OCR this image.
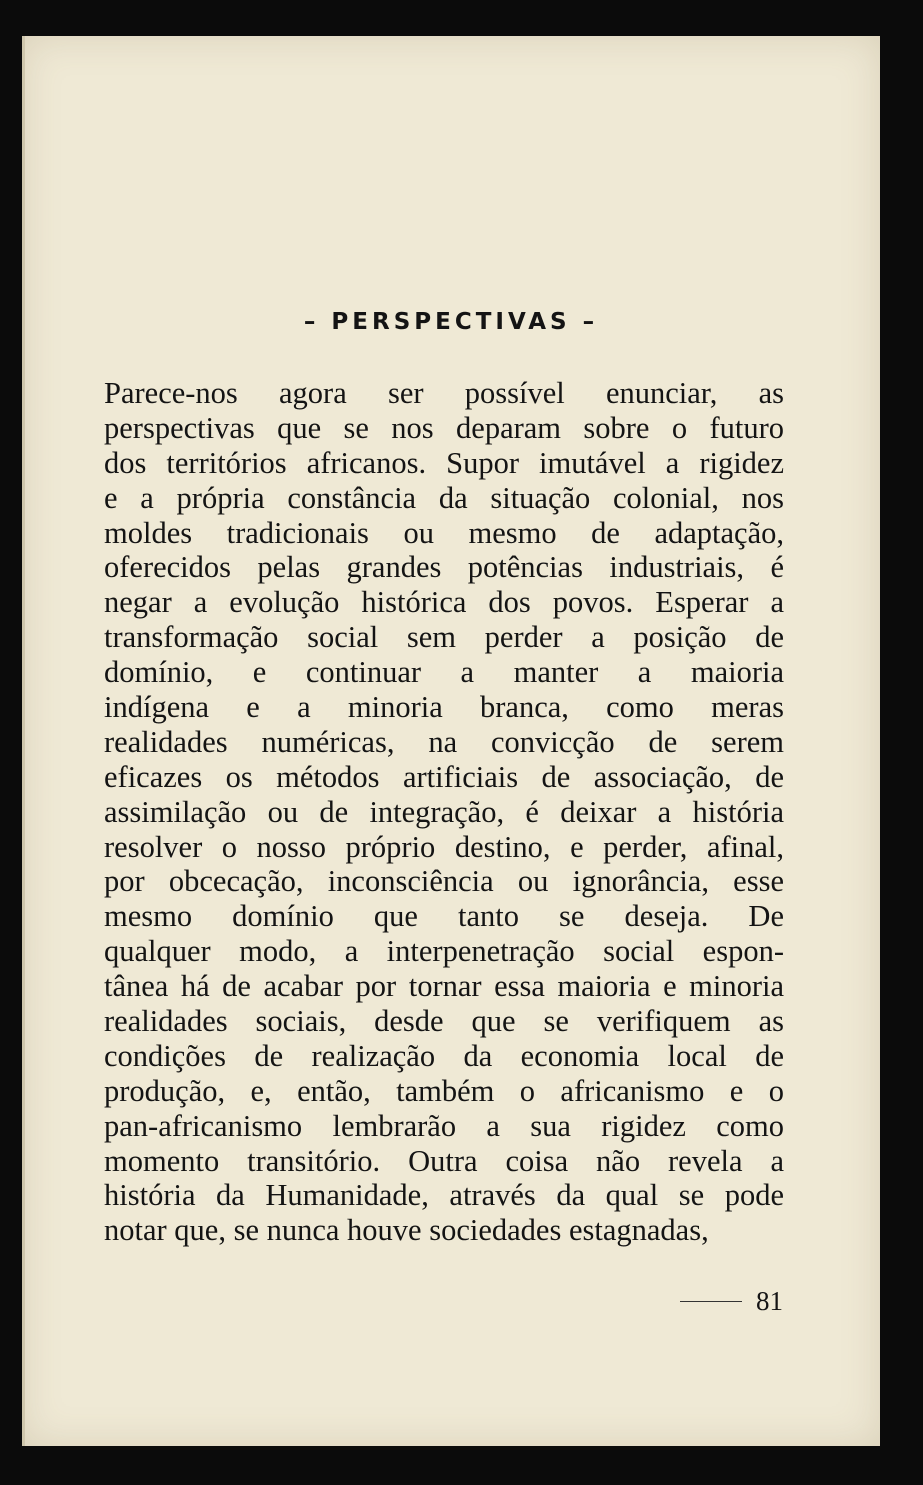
– PERSPECTIVAS –
Parece-nos agora ser possível enunciar, as
perspectivas que se nos deparam sobre o futuro
dos territórios africanos. Supor imutável a rigidez
e a própria constância da situação colonial, nos
moldes tradicionais ou mesmo de adaptação,
oferecidos pelas grandes potências industriais, é
negar a evolução histórica dos povos. Esperar a
transformação social sem perder a posição de
domínio, e continuar a manter a maioria
indígena e a minoria branca, como meras
realidades numéricas, na convicção de serem
eficazes os métodos artificiais de associação, de
assimilação ou de integração, é deixar a história
resolver o nosso próprio destino, e perder, afinal,
por obcecação, inconsciência ou ignorância, esse
mesmo domínio que tanto se deseja. De
qualquer modo, a interpenetração social espon-
tânea há de acabar por tornar essa maioria e minoria
realidades sociais, desde que se verifiquem as
condições de realização da economia local de
produção, e, então, também o africanismo e o
pan-africanismo lembrarão a sua rigidez como
momento transitório. Outra coisa não revela a
história da Humanidade, através da qual se pode
notar que, se nunca houve sociedades estagnadas,
81
